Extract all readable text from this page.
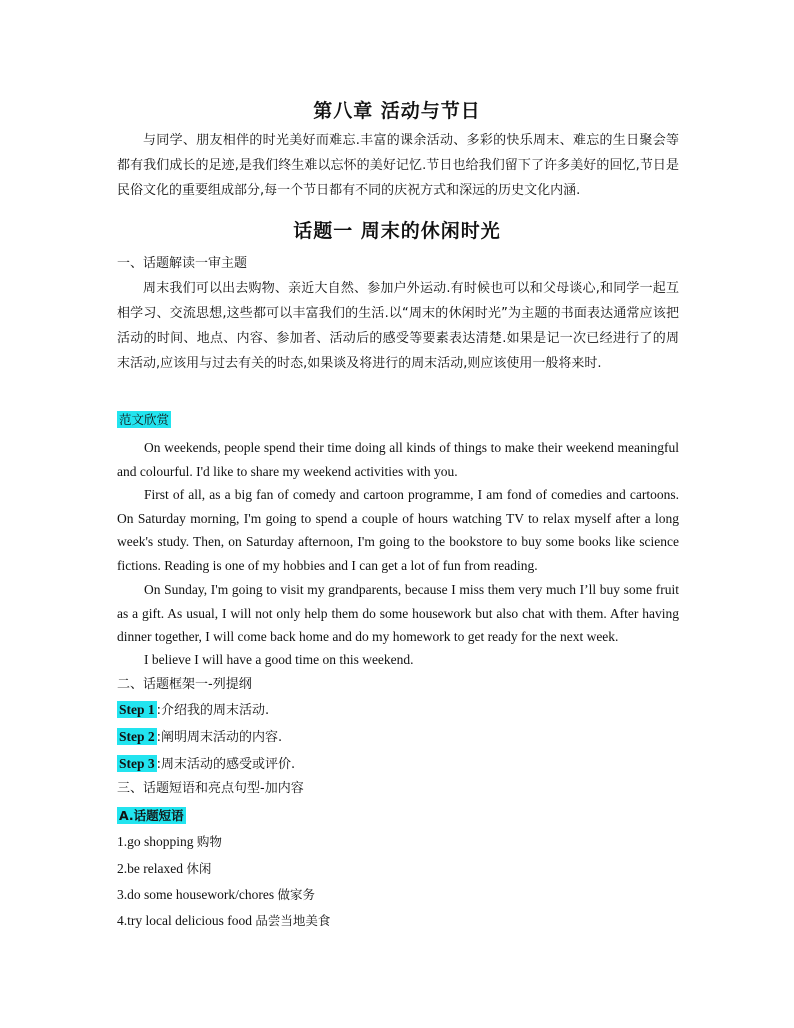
第八章 活动与节日
与同学、朋友相伴的时光美好而难忘.丰富的课余活动、多彩的快乐周末、难忘的生日聚会等都有我们成长的足迹,是我们终生难以忘怀的美好记忆.节日也给我们留下了许多美好的回忆,节日是民俗文化的重要组成部分,每一个节日都有不同的庆祝方式和深远的历史文化内涵.
话题一 周末的休闲时光
一、话题解读一审主题
周末我们可以出去购物、亲近大自然、参加户外运动.有时候也可以和父母谈心,和同学一起互相学习、交流思想,这些都可以丰富我们的生活.以“周末的休闲时光”为主题的书面表达通常应该把活动的时间、地点、内容、参加者、活动后的感受等要素表达清楚.如果是记一次已经进行了的周末活动,应该用与过去有关的时态,如果谈及将进行的周末活动,则应该使用一般将来时.
范文欣赏
On weekends, people spend their time doing all kinds of things to make their weekend meaningful and colourful. I'd like to share my weekend activities with you.
First of all, as a big fan of comedy and cartoon programme, I am fond of comedies and cartoons. On Saturday morning, I'm going to spend a couple of hours watching TV to relax myself after a long week's study. Then, on Saturday afternoon, I'm going to the bookstore to buy some books like science fictions. Reading is one of my hobbies and I can get a lot of fun from reading.
On Sunday, I'm going to visit my grandparents, because I miss them very much I’ll buy some fruit as a gift. As usual, I will not only help them do some housework but also chat with them. After having dinner together, I will come back home and do my homework to get ready for the next week.
I believe I will have a good time on this weekend.
二、话题框架一-列提纲
Step 1 :介绍我的周末活动.
Step 2 :阐明周末活动的内容.
Step 3 :周末活动的感受或评价.
三、话题短语和亮点句型-加内容
A.话题短语
1.go shopping 购物
2.be relaxed 休闲
3.do some housework/chores 做家务
4.try local delicious food 品尝当地美食
